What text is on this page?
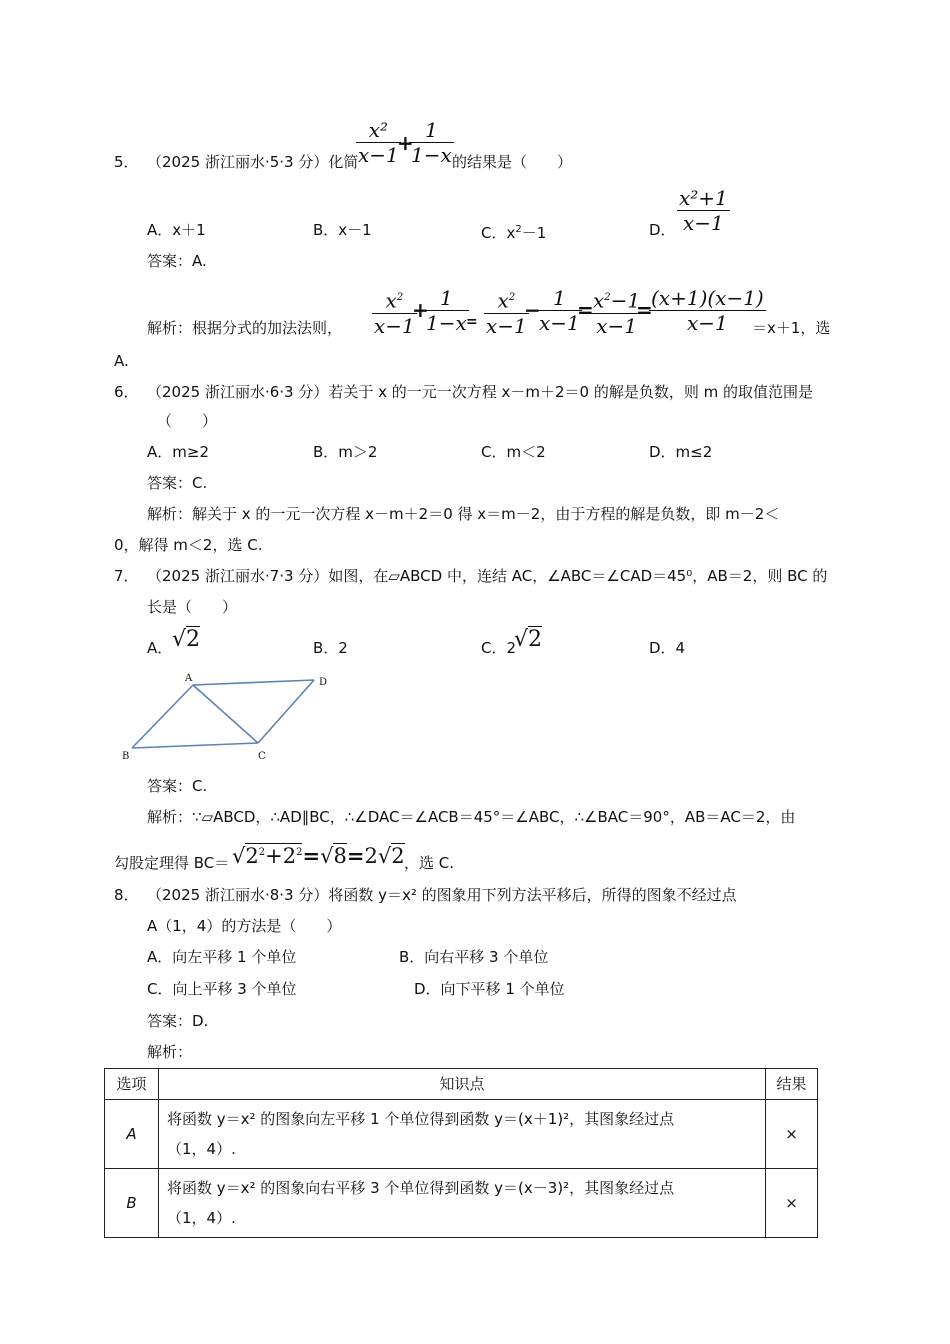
5． （2025 浙江丽水·5·3 分）化简
x²
x−1
+
1
1−x 的结果是（　　）
A．x＋1	B．x－1	C．$x^2-1$	D．
x²+1
x−1
答案：A.
解析：根据分式的加法法则，
$x^2$
x−1
+ 1
1−x =
$x^2$
x−1
− 1
x−1
= $x^2-1$
x−1
=
(x+1)(x−1)
x−1	＝x＋1，选
A.
6． （2025 浙江丽水·6·3 分）若关于 x 的一元一次方程 x－m＋2＝0 的解是负数，则 m 的取值范围是
（　　）
A．m≥2	B．m＞2	C．m＜2	D．m≤2
答案：C.
解析：解关于 x 的一元一次方程 x－m＋2＝0 得 x＝m－2，由于方程的解是负数，即 m－2＜
0，解得 m＜2，选 C.
7． （2025 浙江丽水·7·3 分）如图，在▱ABCD 中，连结 AC，∠ABC＝∠CAD＝45⁰，AB＝2，则 BC 的
长是（　　）
A． √2	B．2	C．2
√2	D．4
A
B	C
D
答案：C.
解析：∵▱ABCD，∴AD∥BC，∴∠DAC＝∠ACB＝45°＝∠ABC，∴∠BAC＝90°，AB＝AC＝2，由
勾股定理得 $BC= √2^2+2^2=√8=2√2$ ，选 C.
8． （2025 浙江丽水·8·3 分）将函数 y＝x² 的图象用下列方法平移后，所得的图象不经过点
A（1，4）的方法是（　　）
A．向左平移 1 个单位	B．向右平移 3 个单位
C．向上平移 3 个单位	D．向下平移 1 个单位
答案：D.
解析：
选项	知识点	结果
A	将函数 y＝x² 的图象向左平移 1 个单位得到函数 y＝(x＋1)²，其图象经过点
（1，4）.	×
B	将函数 y＝x² 的图象向右平移 3 个单位得到函数 y＝(x－3)²，其图象经过点
（1，4）.	×
